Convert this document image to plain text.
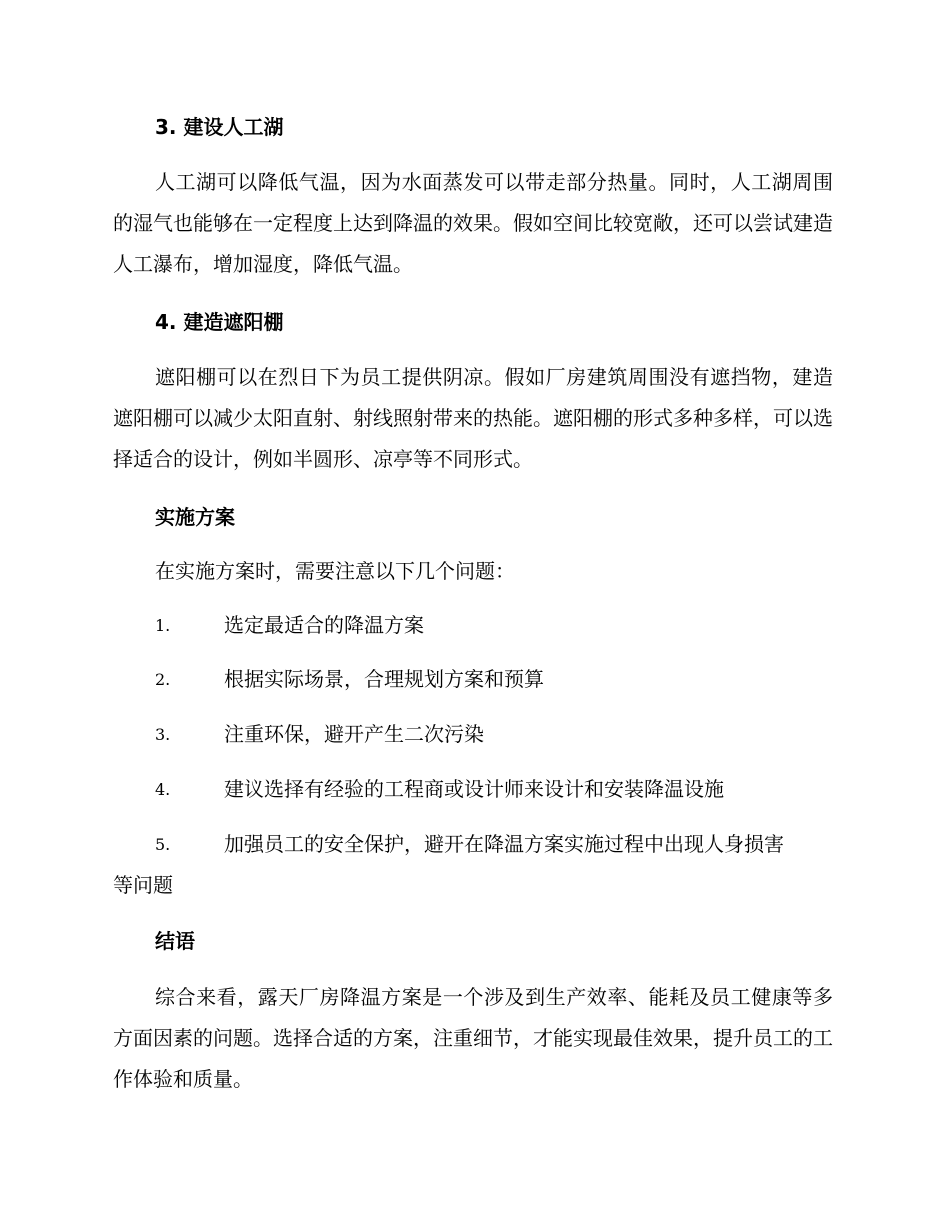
3. 建设人工湖
人工湖可以降低气温，因为水面蒸发可以带走部分热量。同时，人工湖周围的湿气也能够在一定程度上达到降温的效果。假如空间比较宽敞，还可以尝试建造人工瀑布，增加湿度，降低气温。
4. 建造遮阳棚
遮阳棚可以在烈日下为员工提供阴凉。假如厂房建筑周围没有遮挡物，建造遮阳棚可以减少太阳直射、射线照射带来的热能。遮阳棚的形式多种多样，可以选择适合的设计，例如半圆形、凉亭等不同形式。
实施方案
在实施方案时，需要注意以下几个问题：
1.	选定最适合的降温方案
2.	根据实际场景，合理规划方案和预算
3.	注重环保，避开产生二次污染
4.	建议选择有经验的工程商或设计师来设计和安装降温设施
5.	加强员工的安全保护，避开在降温方案实施过程中出现人身损害
等问题
结语
综合来看，露天厂房降温方案是一个涉及到生产效率、能耗及员工健康等多方面因素的问题。选择合适的方案，注重细节，才能实现最佳效果，提升员工的工作体验和质量。
